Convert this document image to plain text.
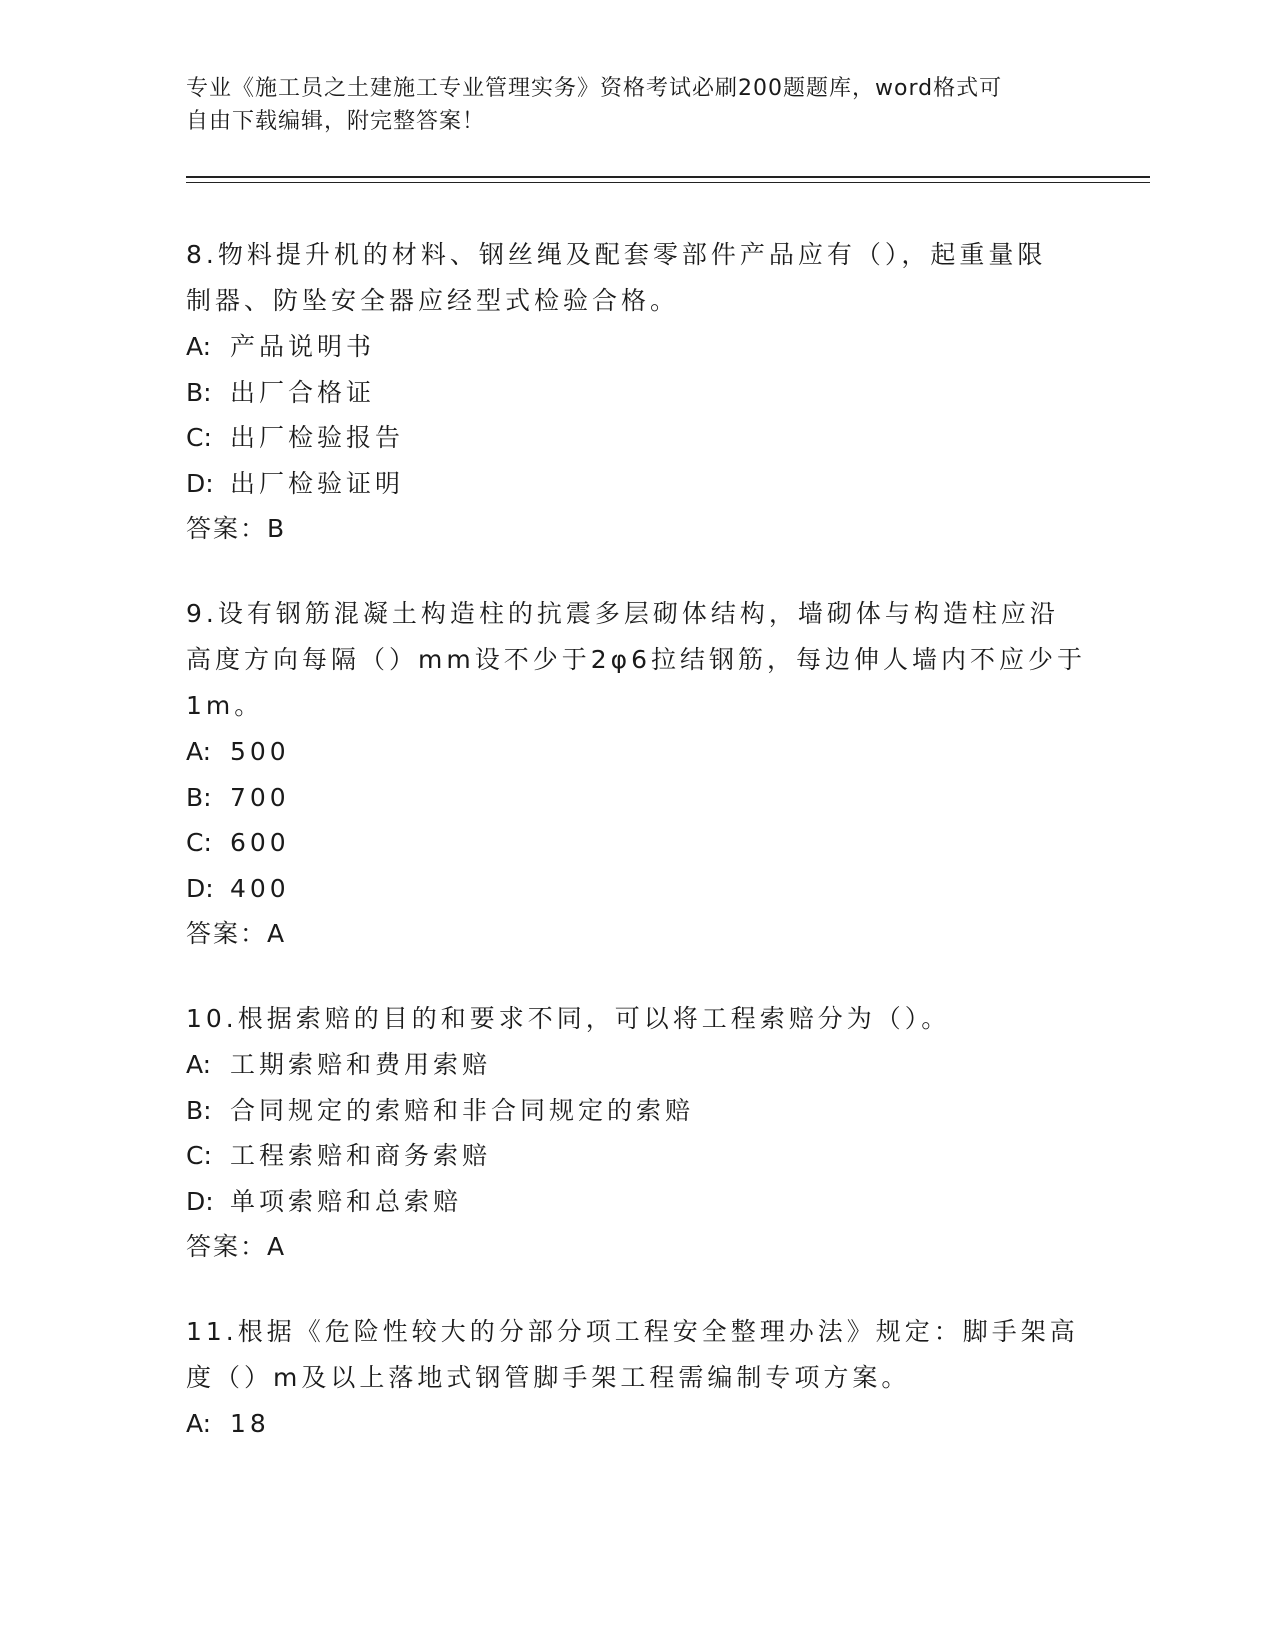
专业《施工员之土建施工专业管理实务》资格考试必刷200题题库，word格式可
自由下载编辑，附完整答案！
8.物料提升机的材料、钢丝绳及配套零部件产品应有（），起重量限
制器、防坠安全器应经型式检验合格。
A: 产品说明书
B: 出厂合格证
C: 出厂检验报告
D: 出厂检验证明
答案：B
9.设有钢筋混凝土构造柱的抗震多层砌体结构，墙砌体与构造柱应沿
高度方向每隔（）mm设不少于2φ6拉结钢筋，每边伸人墙内不应少于
1m。
A: 500
B: 700
C: 600
D: 400
答案：A
10.根据索赔的目的和要求不同，可以将工程索赔分为（）。
A: 工期索赔和费用索赔
B: 合同规定的索赔和非合同规定的索赔
C: 工程索赔和商务索赔
D: 单项索赔和总索赔
答案：A
11.根据《危险性较大的分部分项工程安全整理办法》规定：脚手架高
度（）m及以上落地式钢管脚手架工程需编制专项方案。
A: 18
